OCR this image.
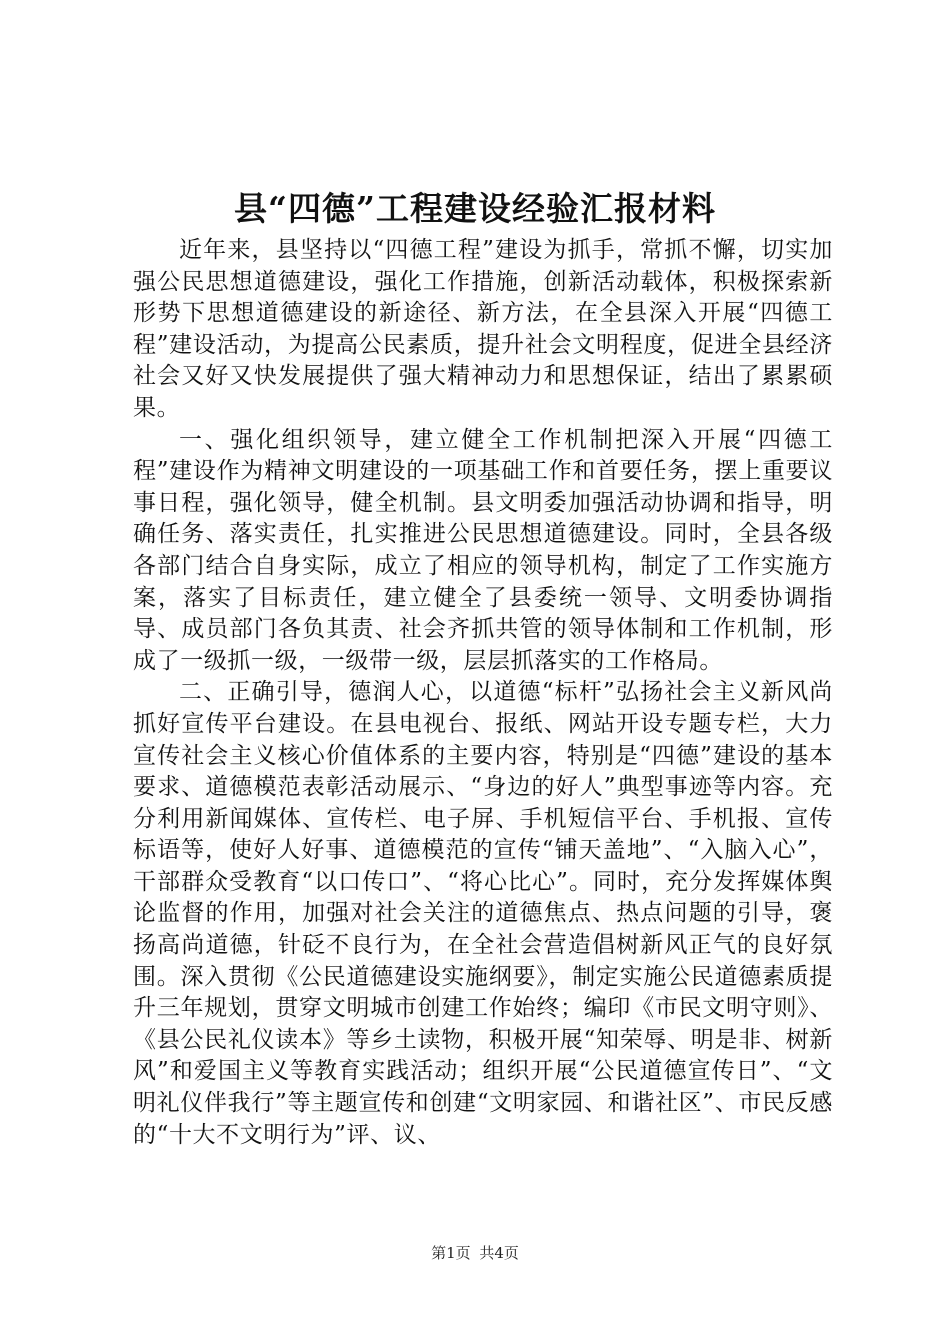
县“四德”工程建设经验汇报材料

近年来，县坚持以“四德工程”建设为抓手，常抓不懈，切实加强公民思想道德建设，强化工作措施，创新活动载体，积极探索新形势下思想道德建设的新途径、新方法，在全县深入开展“四德工程”建设活动，为提高公民素质，提升社会文明程度，促进全县经济社会又好又快发展提供了强大精神动力和思想保证，结出了累累硕果。

一、强化组织领导，建立健全工作机制把深入开展“四德工程”建设作为精神文明建设的一项基础工作和首要任务，摆上重要议事日程，强化领导，健全机制。县文明委加强活动协调和指导，明确任务、落实责任，扎实推进公民思想道德建设。同时，全县各级各部门结合自身实际，成立了相应的领导机构，制定了工作实施方案，落实了目标责任，建立健全了县委统一领导、文明委协调指导、成员部门各负其责、社会齐抓共管的领导体制和工作机制，形成了一级抓一级，一级带一级，层层抓落实的工作格局。

二、正确引导，德润人心，以道德“标杆”弘扬社会主义新风尚抓好宣传平台建设。在县电视台、报纸、网站开设专题专栏，大力宣传社会主义核心价值体系的主要内容，特别是“四德”建设的基本要求、道德模范表彰活动展示、“身边的好人”典型事迹等内容。充分利用新闻媒体、宣传栏、电子屏、手机短信平台、手机报、宣传标语等，使好人好事、道德模范的宣传“铺天盖地”、“入脑入心”，干部群众受教育“以口传口”、“将心比心”。同时，充分发挥媒体舆论监督的作用，加强对社会关注的道德焦点、热点问题的引导，褒扬高尚道德，针砭不良行为，在全社会营造倡树新风正气的良好氛围。深入贯彻《公民道德建设实施纲要》，制定实施公民道德素质提升三年规划，贯穿文明城市创建工作始终；编印《市民文明守则》、《县公民礼仪读本》等乡土读物，积极开展“知荣辱、明是非、树新风”和爱国主义等教育实践活动；组织开展“公民道德宣传日”、“文明礼仪伴我行”等主题宣传和创建“文明家园、和谐社区”、市民反感的“十大不文明行为”评、议、

第1页 共4页
